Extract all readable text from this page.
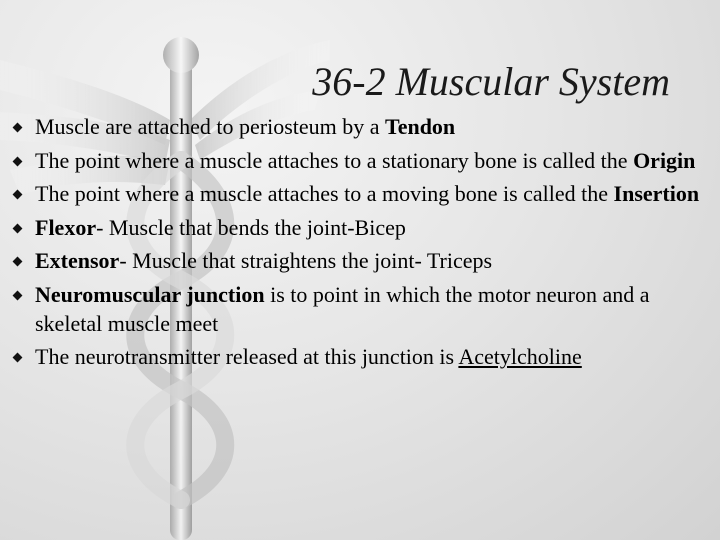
36-2 Muscular System
Muscle are attached to periosteum by a Tendon
The point where a muscle attaches to a stationary bone is called the Origin
The point where a muscle attaches to a moving bone is called the Insertion
Flexor- Muscle that bends the joint-Bicep
Extensor- Muscle that straightens the joint- Triceps
Neuromuscular junction is to point in which the motor neuron and a skeletal muscle meet
The neurotransmitter released at this junction is Acetylcholine
